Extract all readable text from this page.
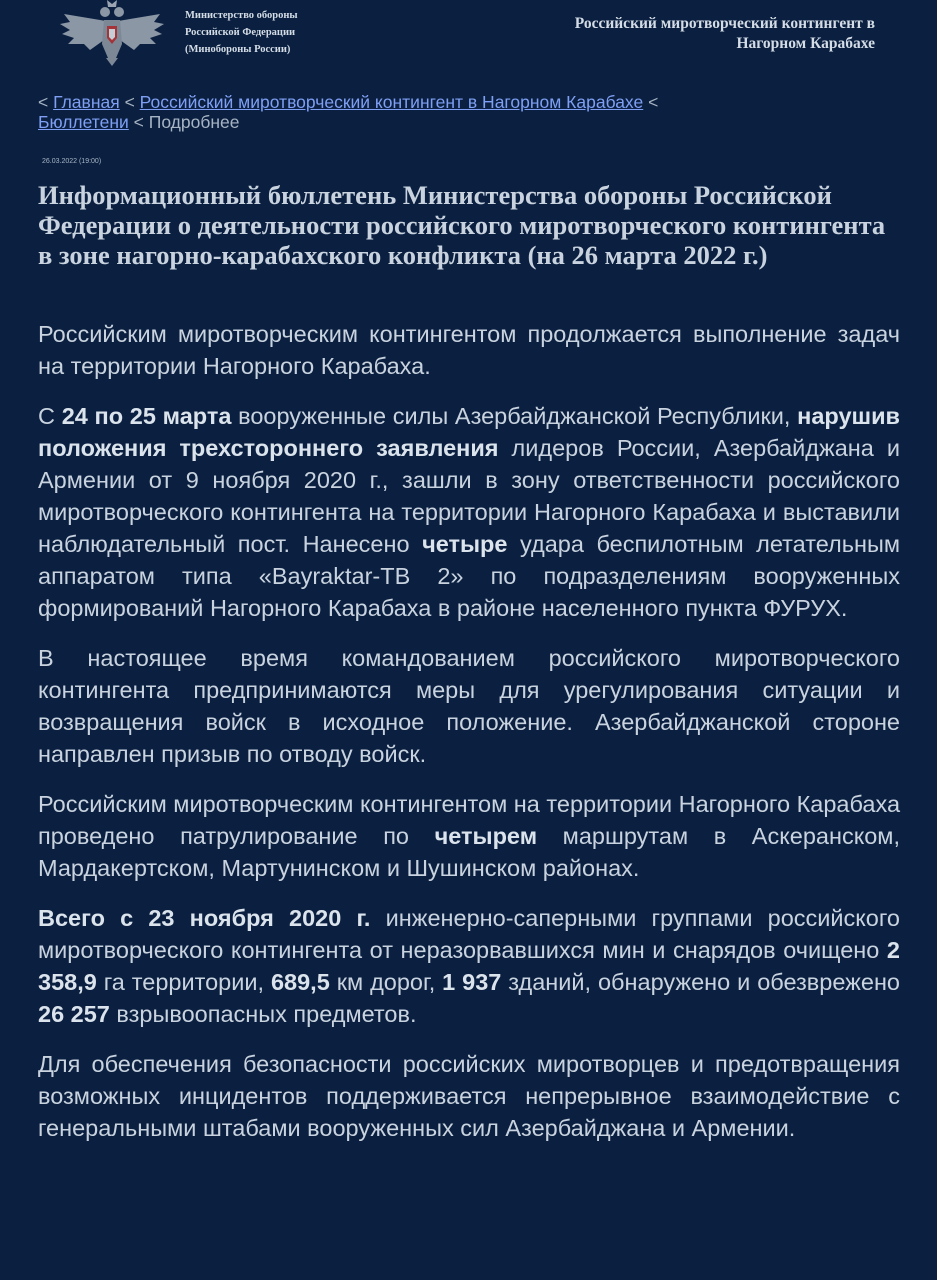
Министерство обороны
Российской Федерации
(Минобороны России)
Российский миротворческий контингент в
Нагорном Карабахе
< Главная < Российский миротворческий контингент в Нагорном Карабахе < Бюллетени < Подробнее
26.03.2022 (19:00)
Информационный бюллетень Министерства обороны Российской Федерации о деятельности российского миротворческого контингента в зоне нагорно-карабахского конфликта (на 26 марта 2022 г.)

Российским миротворческим контингентом продолжается выполнение задач на территории Нагорного Карабаха.

С 24 по 25 марта вооруженные силы Азербайджанской Республики, нарушив положения трехстороннего заявления лидеров России, Азербайджана и Армении от 9 ноября 2020 г., зашли в зону ответственности российского миротворческого контингента на территории Нагорного Карабаха и выставили наблюдательный пост. Нанесено четыре удара беспилотным летательным аппаратом типа «Bayraktar-ТВ 2» по подразделениям вооруженных формирований Нагорного Карабаха в районе населенного пункта ФУРУХ.

В настоящее время командованием российского миротворческого контингента предпринимаются меры для урегулирования ситуации и возвращения войск в исходное положение. Азербайджанской стороне направлен призыв по отводу войск.

Российским миротворческим контингентом на территории Нагорного Карабаха проведено патрулирование по четырем маршрутам в Аскеранском, Мардакертском, Мартунинском и Шушинском районах.

Всего с 23 ноября 2020 г. инженерно-саперными группами российского миротворческого контингента от неразорвавшихся мин и снарядов очищено 2 358,9 га территории, 689,5 км дорог, 1 937 зданий, обнаружено и обезврежено 26 257 взрывоопасных предметов.

Для обеспечения безопасности российских миротворцев и предотвращения возможных инцидентов поддерживается непрерывное взаимодействие с генеральными штабами вооруженных сил Азербайджана и Армении.
